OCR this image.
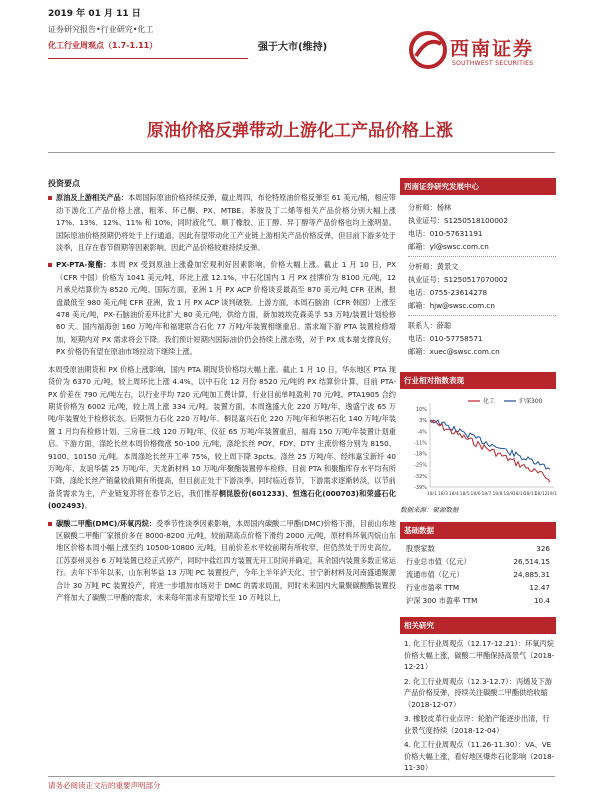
2019 年 01 月 11 日
证券研究报告•行业研究•化工
化工行业周观点（1.7-1.11）	强于大市(维持)	西南证券
SOUTHWEST SECURITIES
原油价格反弹带动上游化工产品价格上涨
投资要点

原油及上游相关产品：本周国际原油价格持续反弹，截止周四，布伦特原油价格反弹至 61 美元/桶，相应带动下游化工产品价格上涨，粗苯、环己酮、PX、MTBE、苯胺及丁二烯等相关产品价格分别大幅上涨 17%、13%、12%、11% 和 10%，同时液化气、顺丁橡胶、正丁醇、异丁醇等产品价格也均上涨明显。国际原油价格预期仍将处于上行通道，因此有望带动化工产业链上游相关产品价格反弹，但目前下游多处于淡季，且存在春节假期等因素影响，因此产品价格较难持续反弹。

PX-PTA-聚酯：本周 PX 受到原油上涨叠加宏观利好因素影响，价格大幅上涨。截止 1 月 10 日，PX（CFR 中国）价格为 1041 美元/吨，环比上涨 12.1%，中石化国内 1 月 PX 挂牌价为 8100 元/吨，12 月承兑结算价为 8520 元/吨。国际方面，亚洲 1 月 PX ACP 价格谈妥最高至 870 美元/吨 CFR 亚洲，报盘最低至 980 美元/吨 CFR 亚洲，致 1 月 PX ACP 谈判破裂。上游方面，本周石脑油（CFR 韩国）上涨至 478 美元/吨，PX-石脑油价差环比扩大 80 美元/吨，供给方面，新加坡埃克森美孚 53 万吨/装置计划检修 60 天。国内福海创 160 万吨/年和福建联合石化 77 万吨/年装置相继重启。需求端下游 PTA 装置检修增加，短期内对 PX 需求将会下降。我们预计短期内国际油价仍会持续上涨态势，对于 PX 成本端支撑良好，PX 价格仍有望在原油市场拉动下继续上涨。

本周受原油期货和 PX 价格上涨影响，国内 PTA 期现货价格均大幅上涨。截止 1 月 10 日，华东地区 PTA 现货价为 6370 元/吨，较上周环比上涨 4.4%，以中石化 12 月份 8520 元/吨的 PX 结算价计算，目前 PTA-PX 价差在 790 元/吨左右，以行业平均 720 元/吨加工费计算，行业目前单吨盈利 70 元/吨。PTA1905 合约期货价格为 6002 元/吨，较上周上涨 334 元/吨。装置方面，本周逸盛大化 220 万吨/年、逸盛宁波 65 万吨/年装置处于检修状态。后期恒力石化 220 万吨/年、桐昆嘉兴石化 220 万吨/年和华彬石化 140 万吨/年装置 1 月均有检修计划。三房巷二线 120 万吨/年、仪征 65 万吨/年装置重启，福海 150 万吨/年装置计划重启。下游方面，涤纶长丝本周价格微涨 50-100 元/吨，涤纶长丝 POY、FDY、DTY 主流价格分别为 8150、9100、10150 元/吨。本周涤纶长丝开工率 75%，较上周下降 3pcts。涤丝 25 万吨/年、经纬嘉宝新纤 40 万吨/年、友谊华儒 25 万吨/年、天龙新材料 10 万吨/年聚酯装置停车检修。目前 PTA 和聚酯库存水平均有所下降，涤纶长丝产销量较前期有所提高，但目前正处于下游淡季，同时临近春节，下游需求逐渐转淡，以节前备货需求为主，产业链复苏将在春节之后，我们推荐桐昆股份(601233)、恒逸石化(000703)和荣盛石化(002493)。

碳酸二甲酯(DMC)/环氧丙烷：受季节性淡季因素影响，本周国内碳酸二甲酯(DMC)价格下滑，目前山东地区碳酸二甲酯厂家报价多在 8000-8200 元/吨，较前期高点价格下滑约 2000 元/吨，原材料环氧丙烷山东地区价格本周小幅上涨至约 10500-10800 元/吨，目前价差水平较前期有所收窄，但仍然处于历史高位。江苏泰州灵谷 6 万吨装置已经正式停产，同时中盐红四方装置无开工时间并确定，其余国内装置多数正常运行。去年下半年以来，山东利华益 13 万吨 PC 装置投产，今年上半年泸天化、甘宁新材料及河南盛通聚源合计 30 万吨 PC 装置投产，将进一步增加市场对于 DMC 的需求局面，同时未来国内大量聚碳酸酯装置投产将加大了碳酸二甲酯的需求，未来每年需求有望增长至 10 万吨以上，

西南证券研究发展中心
分析师：杨林
执业证号：S1250518100002
电话：010-57631191
邮箱：yl@swsc.com.cn
分析师：黄景文
执业证号：S1250517070002
电话：0755-23614278
邮箱：hjw@swsc.com.cn
联系人：薛聪
电话：010-57758571
邮箱：xuec@swsc.com.cn
行业相对指数表现
化工	沪深300
10%
3%
-4%
-11%
-18%
-25%
-32%
-39%
18/1 18/3 18/4 18/5 18/6 18/7 18/8 18/9 18/10
18/11
18/12 19/1
数据来源：聚源数据
基础数据
股票家数	326
行业总市值（亿元）	26,514.15
流通市值（亿元）	24,885.31
行业市盈率 TTM	12.47
沪深 300 市盈率 TTM	10.4
相关研究
1. 化工行业周观点（12.17-12.21）：环氧丙烷价格大幅上涨，碳酸二甲酯保持高景气（2018-12-21）
2. 化工行业周观点（12.3-12.7）：丙烯及下游产品价格反弹，持续关注碳酸二甲酯供给收缩（2018-12-07）
3. 橡胶皮革行业点评：轮胎产能逐步出清，行业景气度持续（2018-12-04）
4. 化工行业周观点（11.26-11.30）：VA、VE 价格大幅上涨，看好地区爆炸石化影响（2018-11-30）
请务必阅读正文后的重要声明部分
